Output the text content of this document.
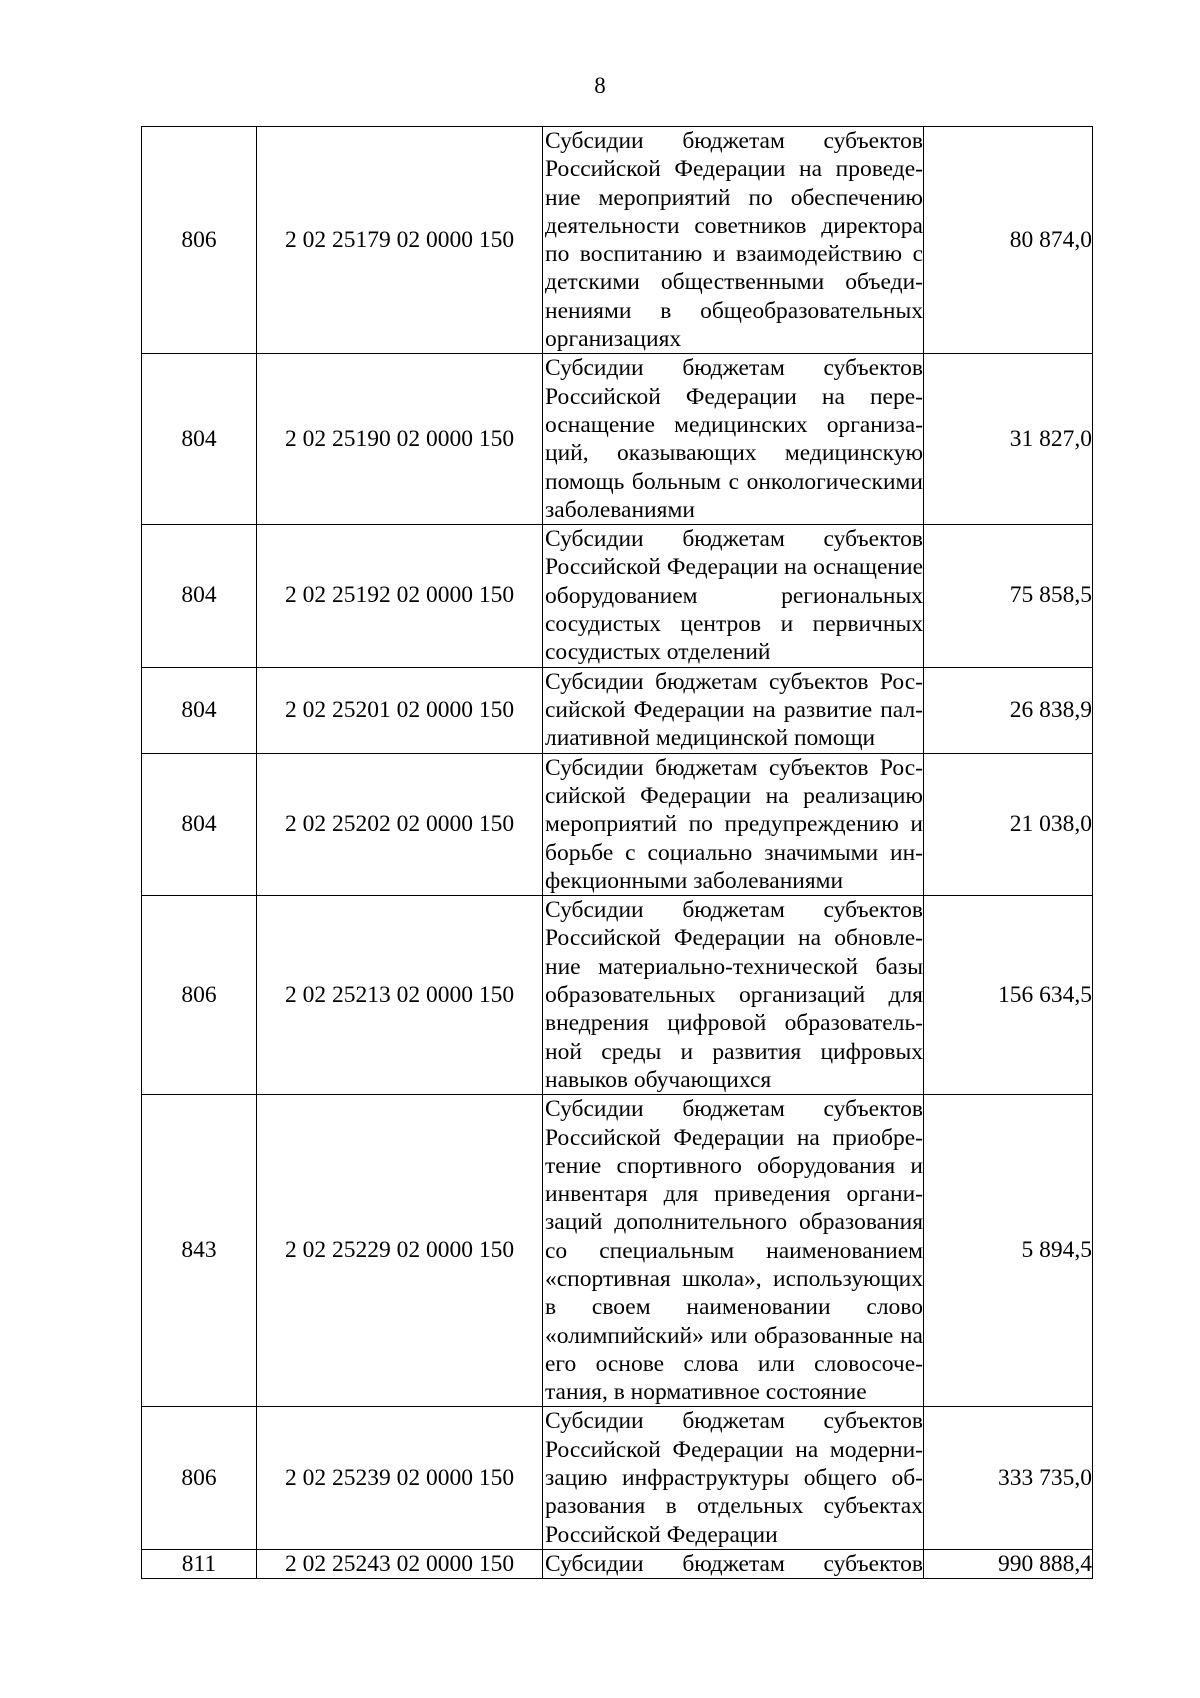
8
806	2 02 25179 02 0000 150	Субсидии бюджетам субъектов Российской Федерации на проведение мероприятий по обеспечению деятельности советников директора по воспитанию и взаимодействию с детскими общественными объединениями в общеобразовательных организациях	80 874,0
804	2 02 25190 02 0000 150	Субсидии бюджетам субъектов Российской Федерации на переоснащение медицинских организаций, оказывающих медицинскую помощь больным с онкологическими заболеваниями	31 827,0
804	2 02 25192 02 0000 150	Субсидии бюджетам субъектов Российской Федерации на оснащение оборудованием региональных сосудистых центров и первичных сосудистых отделений	75 858,5
804	2 02 25201 02 0000 150	Субсидии бюджетам субъектов Российской Федерации на развитие паллиативной медицинской помощи	26 838,9
804	2 02 25202 02 0000 150	Субсидии бюджетам субъектов Российской Федерации на реализацию мероприятий по предупреждению и борьбе с социально значимыми инфекционными заболеваниями	21 038,0
806	2 02 25213 02 0000 150	Субсидии бюджетам субъектов Российской Федерации на обновление материально-технической базы образовательных организаций для внедрения цифровой образовательной среды и развития цифровых навыков обучающихся	156 634,5
843	2 02 25229 02 0000 150	Субсидии бюджетам субъектов Российской Федерации на приобретение спортивного оборудования и инвентаря для приведения организаций дополнительного образования со специальным наименованием «спортивная школа», использующих в своем наименовании слово «олимпийский» или образованные на его основе слова или словосочетания, в нормативное состояние	5 894,5
806	2 02 25239 02 0000 150	Субсидии бюджетам субъектов Российской Федерации на модернизацию инфраструктуры общего образования в отдельных субъектах Российской Федерации	333 735,0
811	2 02 25243 02 0000 150	Субсидии бюджетам субъектов	990 888,4
